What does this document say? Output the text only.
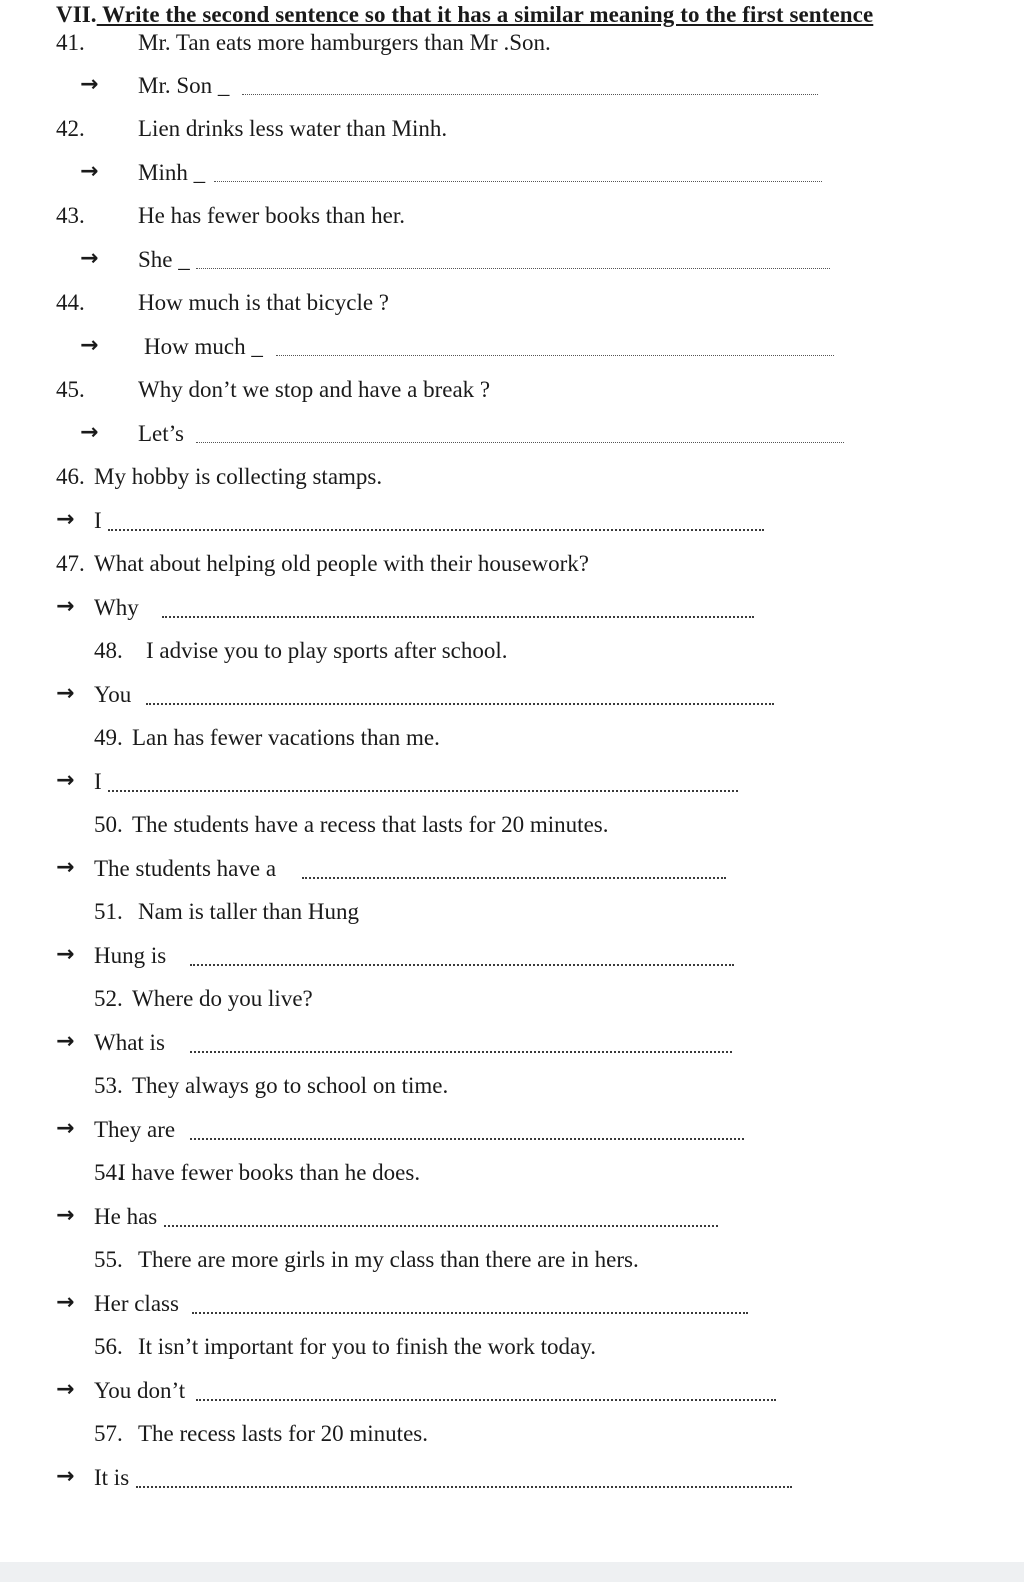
VII. Write the second sentence so that it has a similar meaning to the first sentence
41. Mr. Tan eats more hamburgers than Mr .Son.
→ Mr. Son _
42. Lien drinks less water than Minh.
→ Minh _
43. He has fewer books than her.
→ She _
44. How much is that bicycle ?
→ How much _
45. Why don’t we stop and have a break ?
→ Let’s
46. My hobby is collecting stamps.
→ I
47. What about helping old people with their housework?
→ Why
48. I advise you to play sports after school.
→ You
49. Lan has fewer vacations than me.
→ I
50. The students have a recess that lasts for 20 minutes.
→ The students have a
51. Nam is taller than Hung
→ Hung is
52. Where do you live?
→ What is
53. They always go to school on time.
→ They are
54.
I have fewer books than he does.
→ He has
55. There are more girls in my class than there are in hers.
→ Her class
56. It isn’t important for you to finish the work today.
→ You don’t
57. The recess lasts for 20 minutes.
→ It is
